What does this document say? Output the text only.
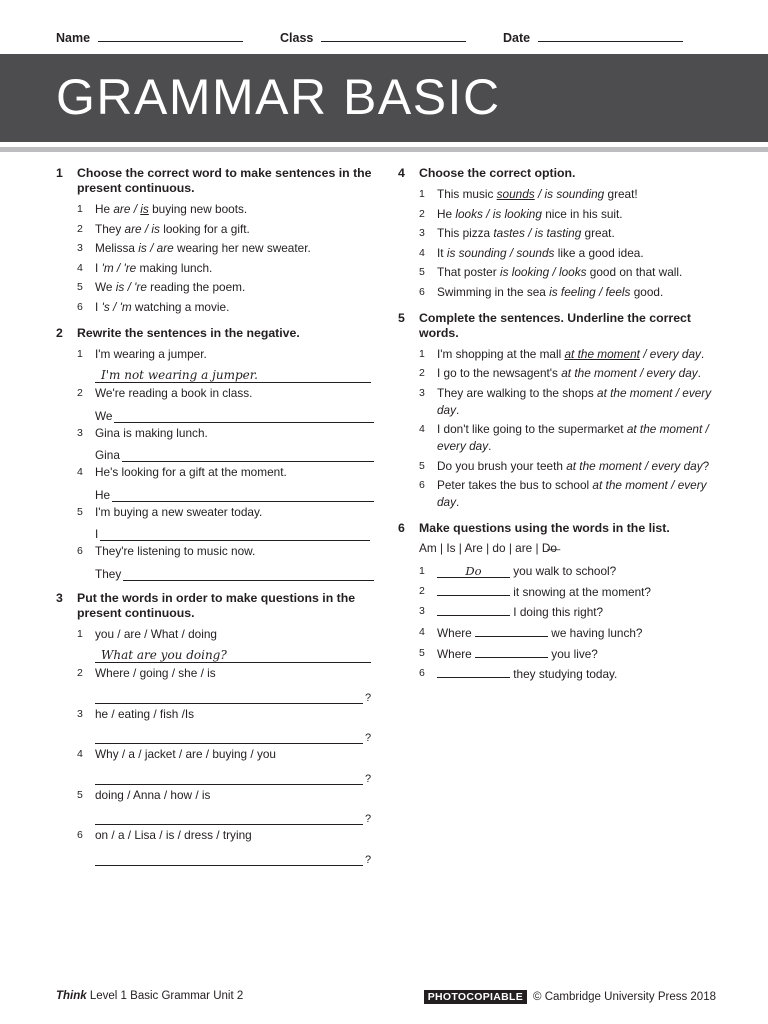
Name	Class	Date
GRAMMAR BASIC
1	Choose the correct word to make sentences in the present continuous.
1	He are / is buying new boots.
2	They are / is looking for a gift.
3	Melissa is / are wearing her new sweater.
4	I 'm / 're making lunch.
5	We is / 're reading the poem.
6	I 's / 'm watching a movie.
2	Rewrite the sentences in the negative.
1	I'm wearing a jumper.
I'm not wearing a jumper.
2	We're reading a book in class.
We
3	Gina is making lunch.
Gina
4	He's looking for a gift at the moment.
He
5	I'm buying a new sweater today.
I
6	They're listening to music now.
They
3	Put the words in order to make questions in the present continuous.
1	you / are / What / doing
What are you doing?
2	Where / going / she / is
?
3	he / eating / fish /Is
?
4	Why / a / jacket / are / buying / you
?
5	doing / Anna / how / is
?
6	on / a / Lisa / is / dress / trying
?
4	Choose the correct option.
1	This music sounds / is sounding great!
2	He looks / is looking nice in his suit.
3	This pizza tastes / is tasting great.
4	It is sounding / sounds like a good idea.
5	That poster is looking / looks good on that wall.
6	Swimming in the sea is feeling / feels good.
5	Complete the sentences. Underline the correct words.
1	I'm shopping at the mall at the moment / every day.
2	I go to the newsagent's at the moment / every day.
3	They are walking to the shops at the moment / every day.
4	I don't like going to the supermarket at the moment / every day.
5	Do you brush your teeth at the moment / every day?
6	Peter takes the bus to school at the moment / every day.
6	Make questions using the words in the list.
Am | Is | Are | do | are | D̶o̶
1	Do you walk to school?
2	it snowing at the moment?
3	I doing this right?
4	Where	we having lunch?
5	Where	you live?
6	they studying today.
Think Level 1 Basic Grammar Unit 2	PHOTOCOPIABLE © Cambridge University Press 2018
